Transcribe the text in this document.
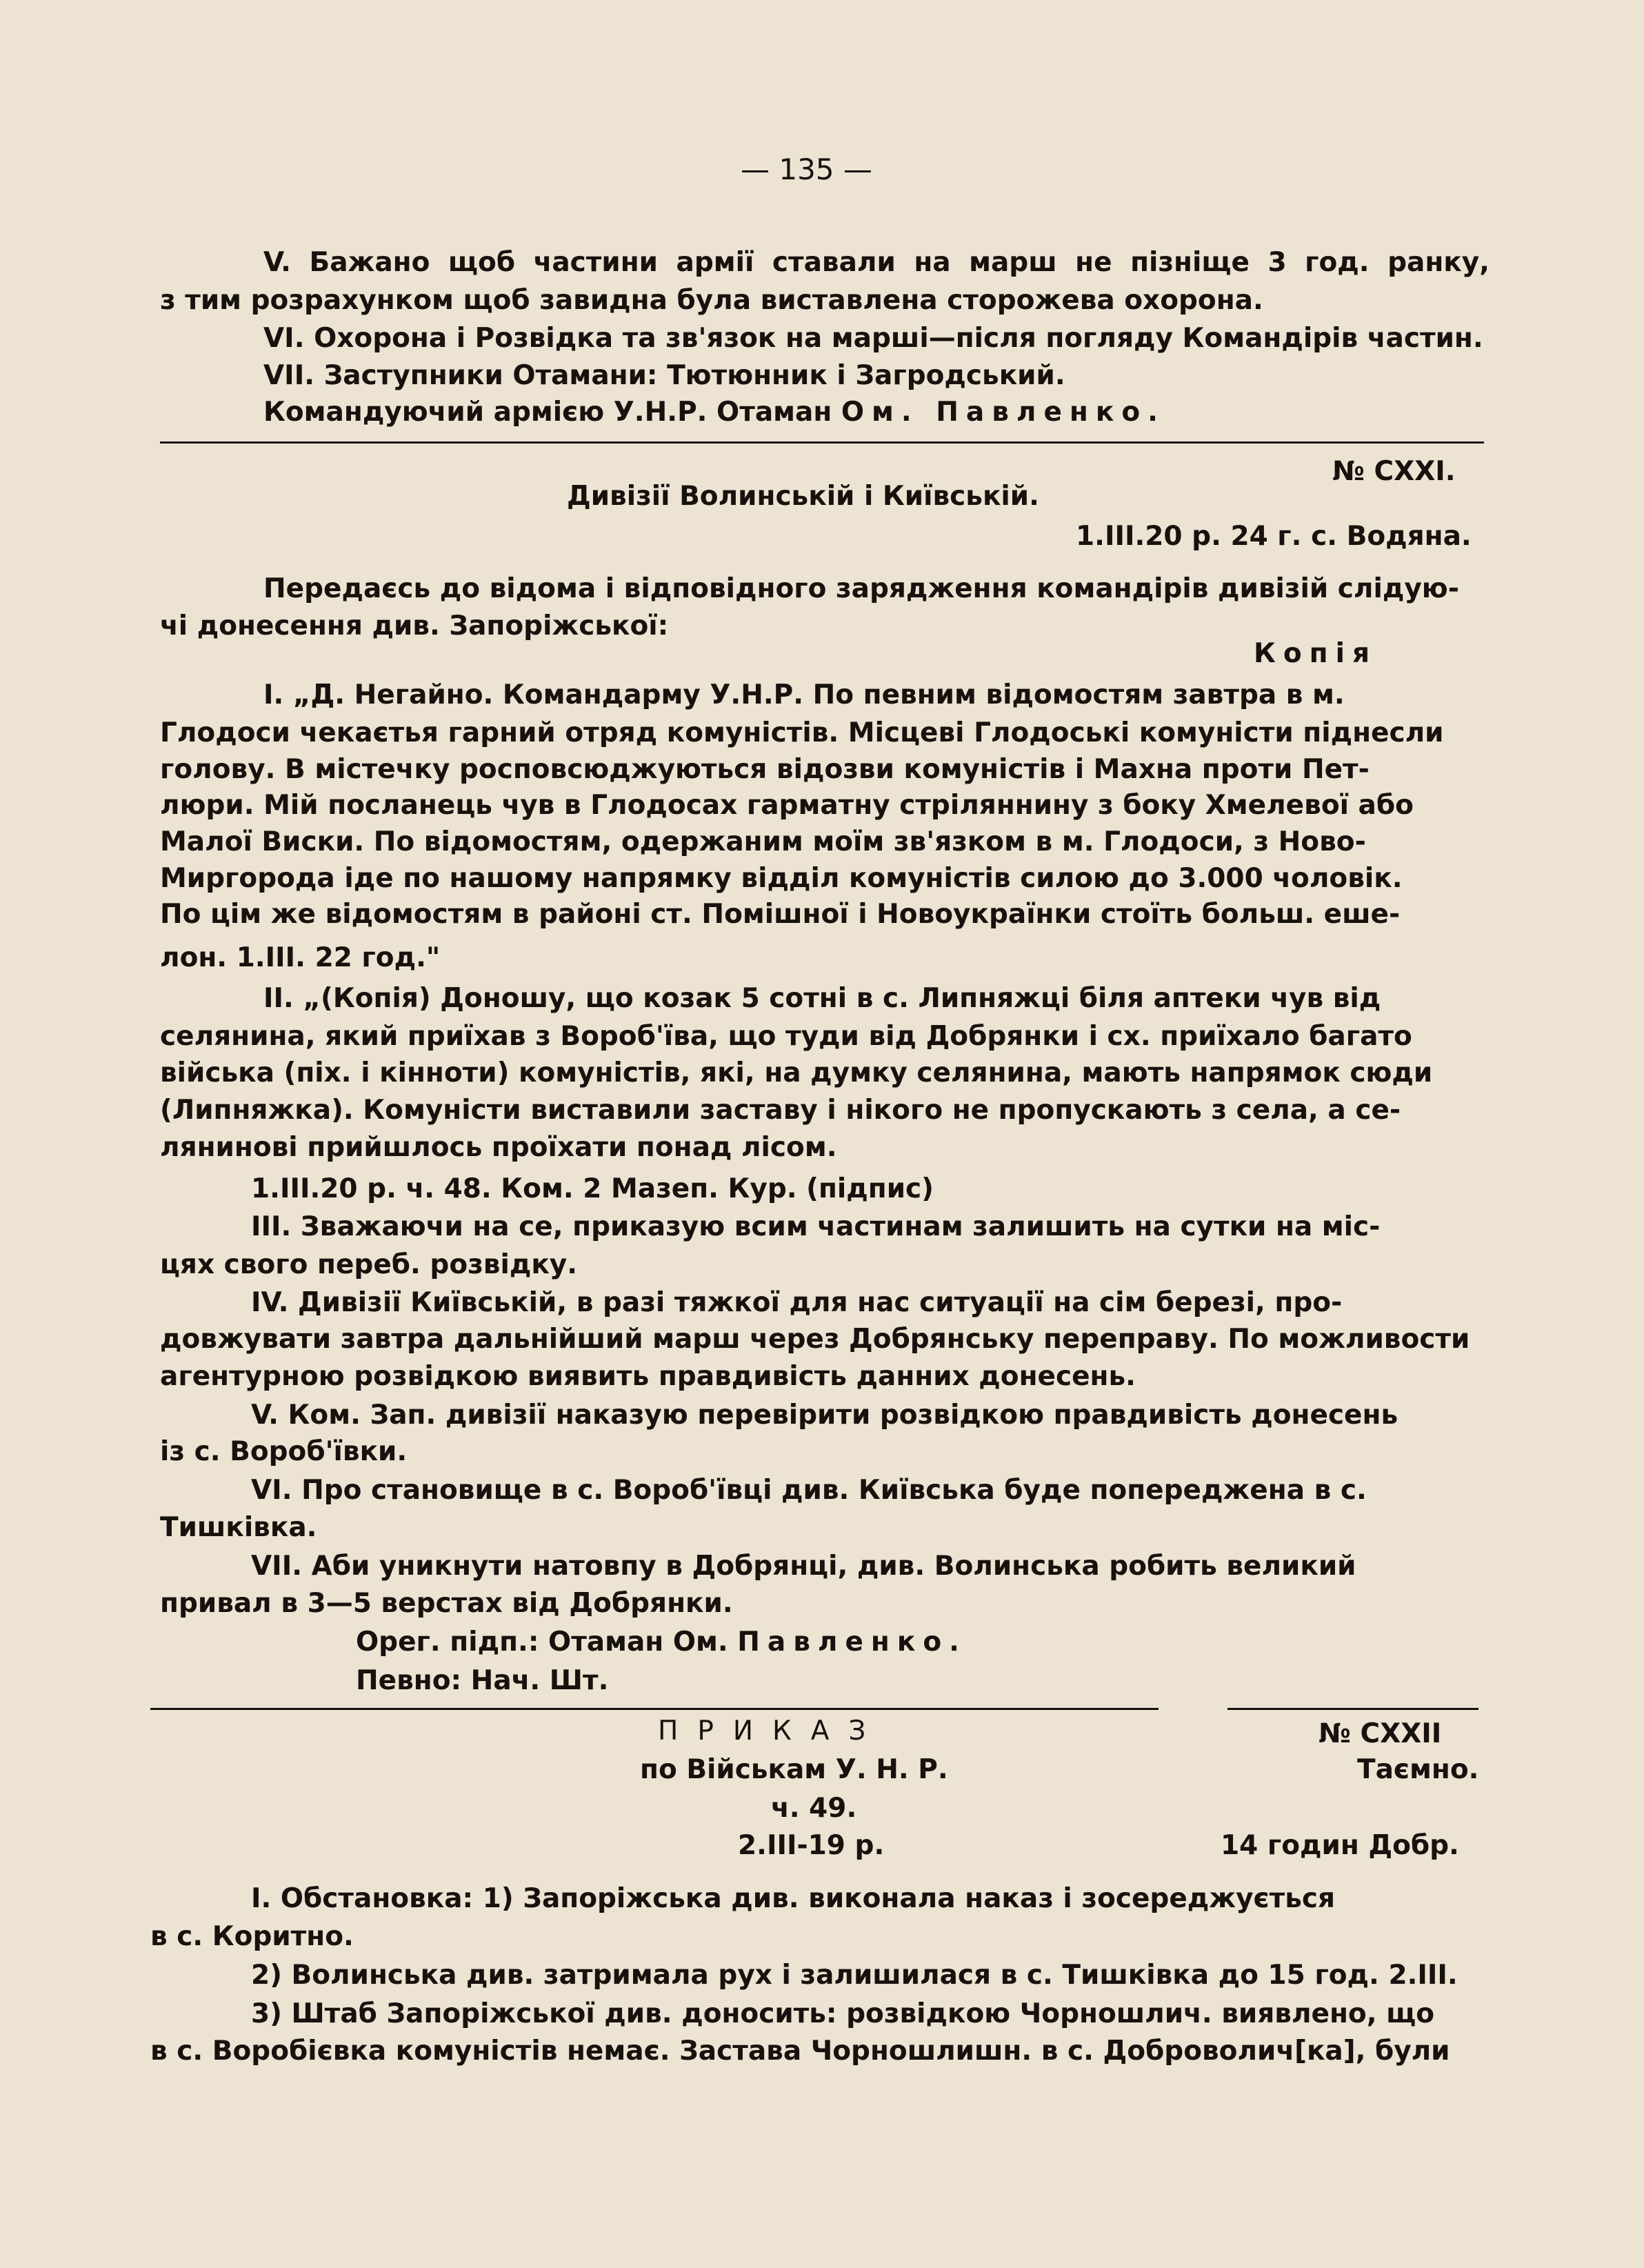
— 135 —
V. Бажано щоб частини армії ставали на марш не пізніще 3 год. ранку,
з тим розрахунком щоб завидна була виставлена сторожева охорона.
VI. Охорона і Розвідка та зв'язок на марші—після погляду Командірів частин.
VII. Заступники Отамани: Тютюнник і Загродський.
Командуючий армією У.Н.Р. Отаман Ом. Павленко.
№ CXXI.
Дивізії Волинській і Київській.
1.III.20 р. 24 г. с. Водяна.
Передаєсь до відома і відповідного зарядження командірів дивізій слідую-
чі донесення див. Запоріжської:
Копія
I. „Д. Негайно. Командарму У.Н.Р. По певним відомостям завтра в м.
Глодоси чекаєтья гарний отряд комуністів. Місцеві Глодоські комуністи піднесли
голову. В містечку росповсюджуються відозви комуністів і Махна проти Пет-
люри. Мій посланець чув в Глодосах гарматну стріляннину з боку Хмелевої або
Малої Виски. По відомостям, одержаним моїм зв'язком в м. Глодоси, з Ново-
Миргорода іде по нашому напрямку відділ комуністів силою до 3.000 чоловік.
По цім же відомостям в районі ст. Помішної і Новоукраїнки стоїть больш. еше-
лон. 1.III. 22 год."
II. „(Копія) Доношу, що козак 5 сотні в с. Липняжці біля аптеки чув від
селянина, який приїхав з Вороб'їва, що туди від Добрянки і сх. приїхало багато
війська (піх. і кінноти) комуністів, які, на думку селянина, мають напрямок сюди
(Липняжка). Комуністи виставили заставу і нікого не пропускають з села, а се-
лянинові прийшлось проїхати понад лісом.
1.III.20 р. ч. 48. Ком. 2 Мазеп. Кур. (підпис)
III. Зважаючи на се, приказую всим частинам залишить на сутки на міс-
цях свого переб. розвідку.
IV. Дивізії Київській, в разі тяжкої для нас ситуації на сім березі, про-
довжувати завтра дальнійший марш через Добрянську переправу. По можливости
агентурною розвідкою виявить правдивість данних донесень.
V. Ком. Зап. дивізії наказую перевірити розвідкою правдивість донесень
із с. Вороб'ївки.
VI. Про становище в с. Вороб'ївці див. Київська буде попереджена в с.
Тишківка.
VII. Аби уникнути натовпу в Добрянці, див. Волинська робить великий
привал в 3—5 верстах від Добрянки.
Орег. підп.: Отаман Ом. Павленко.
Певно: Нач. Шт.
ПРИКАЗ	№ CXXII
по Військам У. Н. Р.	Таємно.
ч. 49.
2.III-19 р.	14 годин Добр.
I. Обстановка: 1) Запоріжська див. виконала наказ і зосереджується
в с. Коритно.
2) Волинська див. затримала рух і залишилася в с. Тишківка до 15 год. 2.III.
3) Штаб Запоріжської див. доносить: розвідкою Чорношлич. виявлено, що
в с. Воробієвка комуністів немає. Застава Чорношлишн. в с. Доброволич[ка], були
